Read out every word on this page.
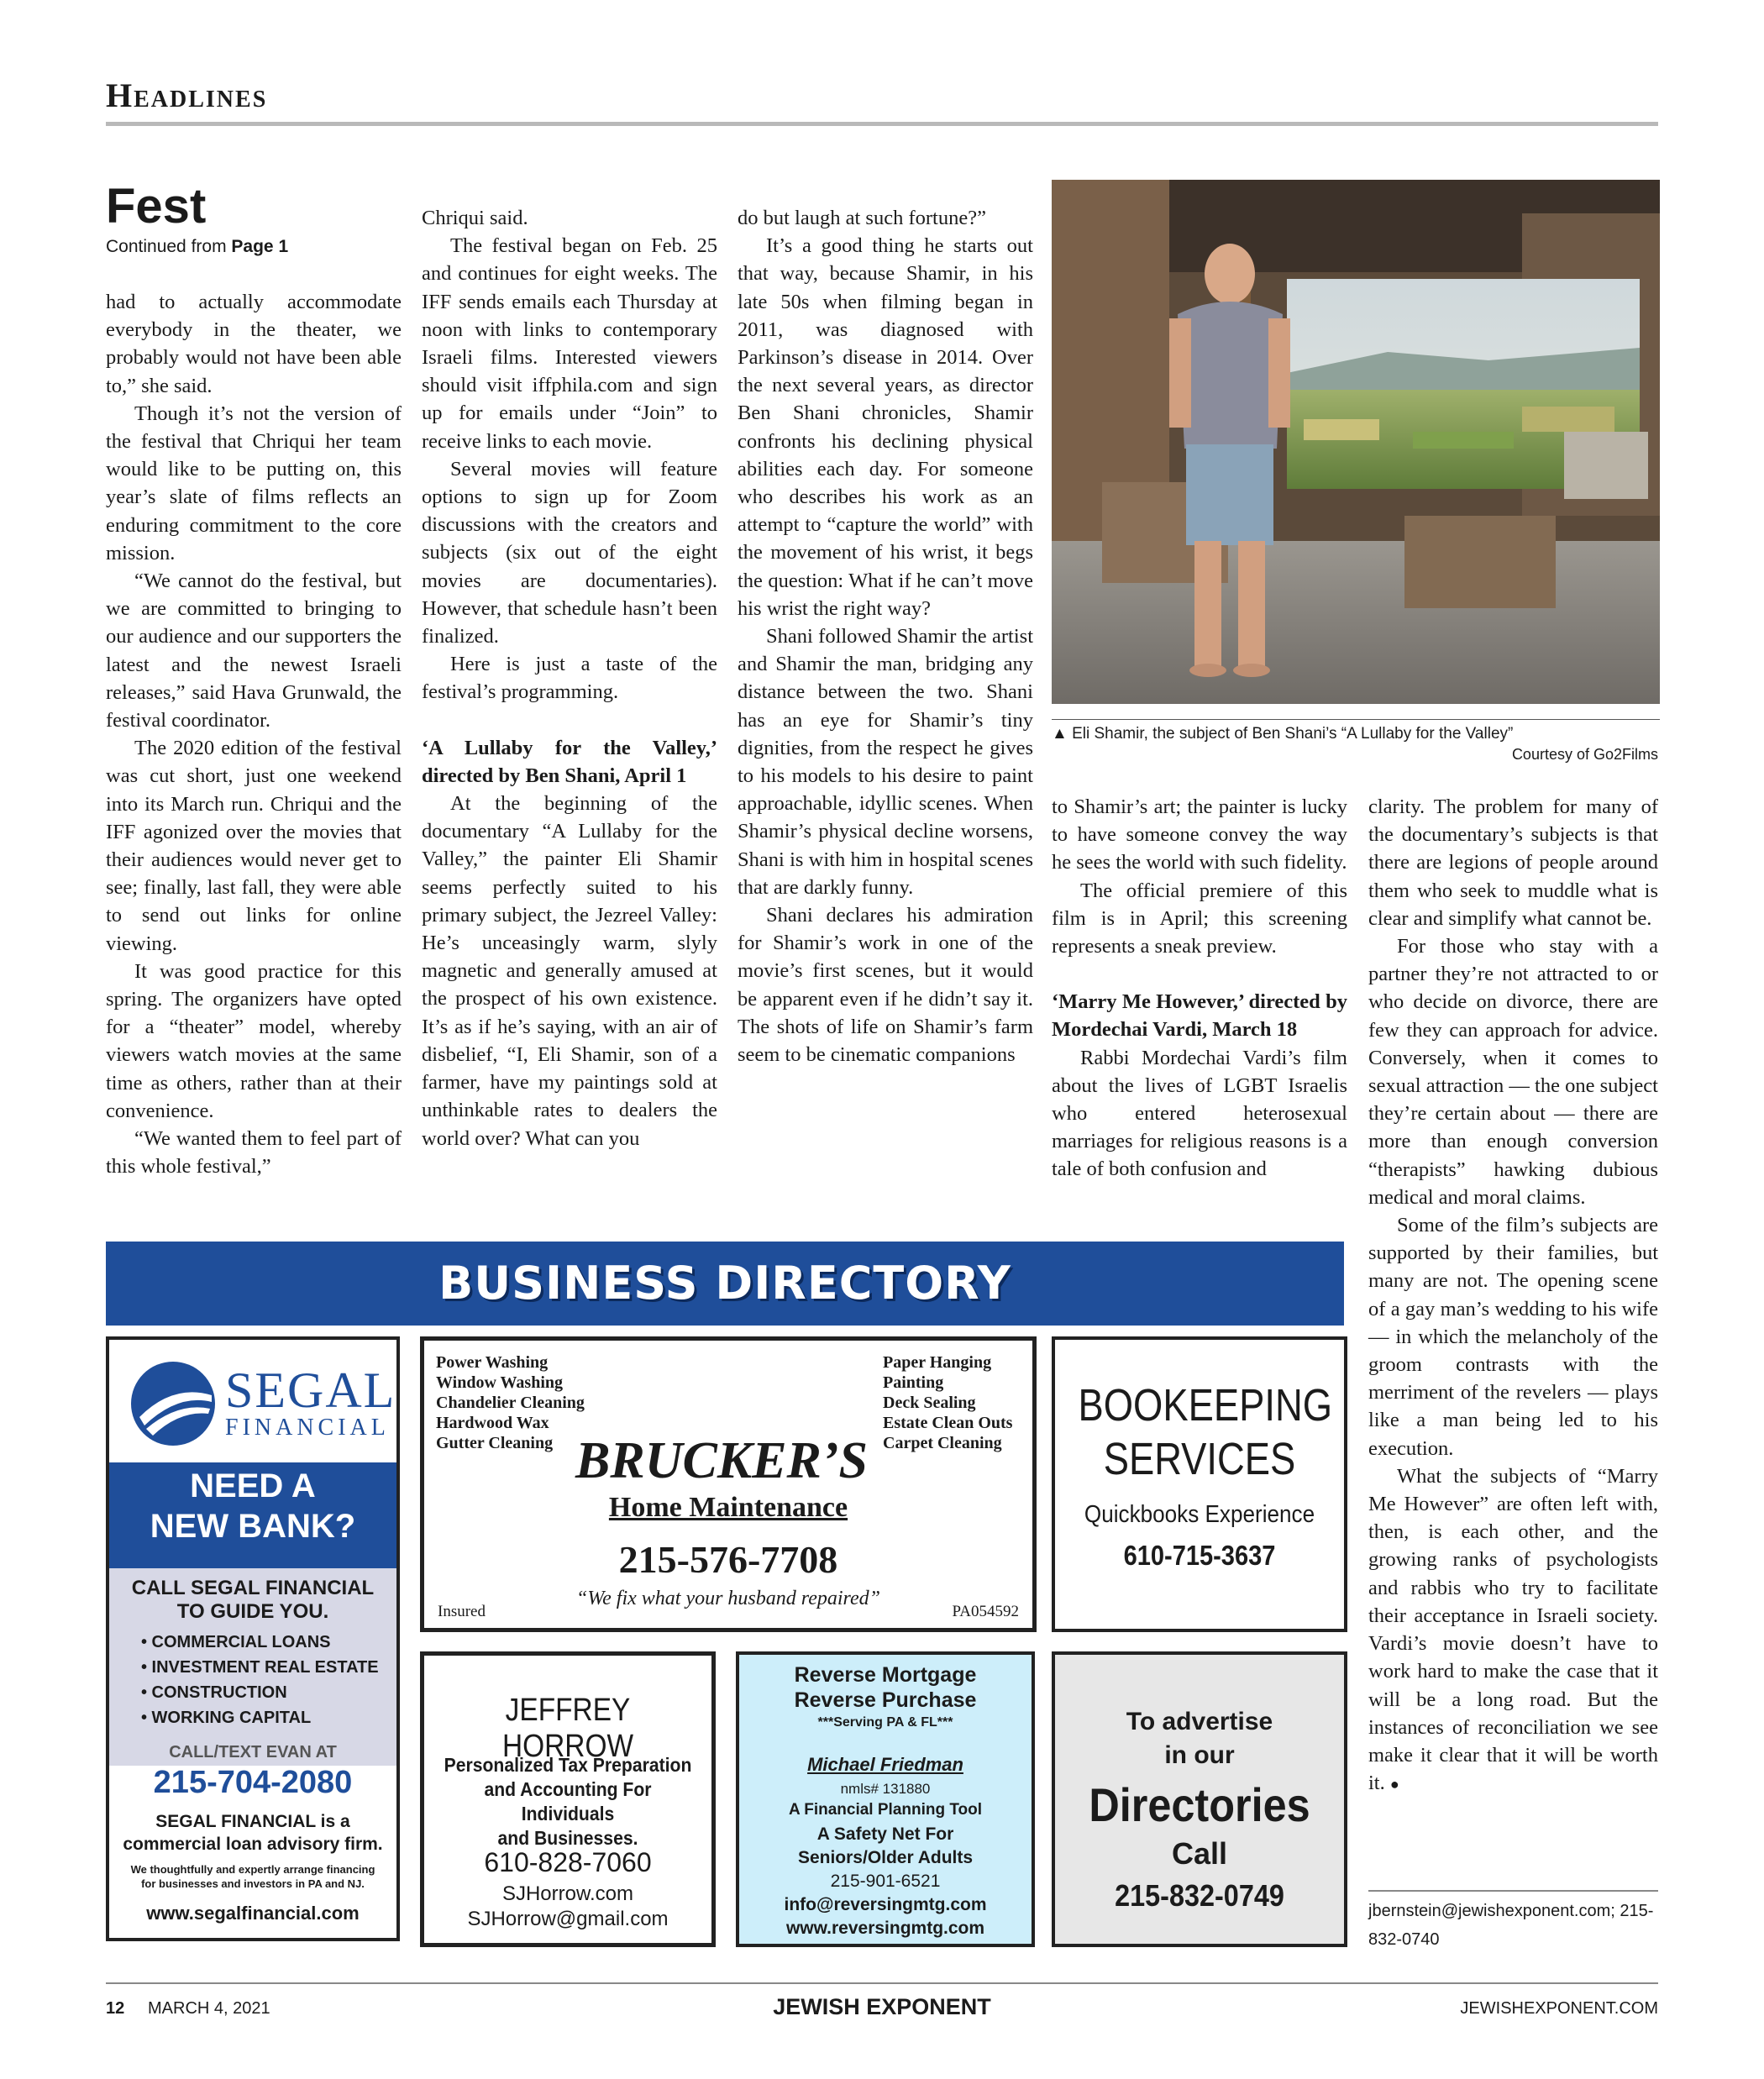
Headlines
Fest
Continued from Page 1

had to actually accommodate everybody in the theater, we probably would not have been able to,” she said.

Though it’s not the version of the festival that Chriqui her team would like to be putting on, this year’s slate of films reflects an enduring commitment to the core mission.

“We cannot do the festival, but we are committed to bringing to our audience and our supporters the latest and the newest Israeli releases,” said Hava Grunwald, the festival coordinator.

The 2020 edition of the festival was cut short, just one weekend into its March run. Chriqui and the IFF agonized over the movies that their audiences would never get to see; finally, last fall, they were able to send out links for online viewing.

It was good practice for this spring. The organizers have opted for a “theater” model, whereby viewers watch movies at the same time as others, rather than at their convenience.

“We wanted them to feel part of this whole festival,”

Chriqui said.

The festival began on Feb. 25 and continues for eight weeks. The IFF sends emails each Thursday at noon with links to contemporary Israeli films. Interested viewers should visit iffphila.com and sign up for emails under “Join” to receive links to each movie.

Several movies will feature options to sign up for Zoom discussions with the creators and subjects (six out of the eight movies are documentaries). However, that schedule hasn’t been finalized.

Here is just a taste of the festival’s programming.

‘A Lullaby for the Valley,’ directed by Ben Shani, April 1

At the beginning of the documentary “A Lullaby for the Valley,” the painter Eli Shamir seems perfectly suited to his primary subject, the Jezreel Valley: He’s unceasingly warm, slyly magnetic and generally amused at the prospect of his own existence. It’s as if he’s saying, with an air of disbelief, “I, Eli Shamir, son of a farmer, have my paintings sold at unthinkable rates to dealers the world over? What can you

do but laugh at such fortune?”

It’s a good thing he starts out that way, because Shamir, in his late 50s when filming began in 2011, was diagnosed with Parkinson’s disease in 2014. Over the next several years, as director Ben Shani chronicles, Shamir confronts his declining physical abilities each day. For someone who describes his work as an attempt to “capture the world” with the movement of his wrist, it begs the question: What if he can’t move his wrist the right way?

Shani followed Shamir the artist and Shamir the man, bridging any distance between the two. Shani has an eye for Shamir’s tiny dignities, from the respect he gives to his models to his desire to paint approachable, idyllic scenes. When Shamir’s physical decline worsens, Shani is with him in hospital scenes that are darkly funny.

Shani declares his admiration for Shamir’s work in one of the movie’s first scenes, but it would be apparent even if he didn’t say it. The shots of life on Shamir’s farm seem to be cinematic companions

▲ Eli Shamir, the subject of Ben Shani’s “A Lullaby for the Valley”
Courtesy of Go2Films

to Shamir’s art; the painter is lucky to have someone convey the way he sees the world with such fidelity.

The official premiere of this film is in April; this screening represents a sneak preview.

‘Marry Me However,’ directed by Mordechai Vardi, March 18

Rabbi Mordechai Vardi’s film about the lives of LGBT Israelis who entered heterosexual marriages for religious reasons is a tale of both confusion and

clarity. The problem for many of the documentary’s subjects is that there are legions of people around them who seek to muddle what is clear and simplify what cannot be.

For those who stay with a partner they’re not attracted to or who decide on divorce, there are few they can approach for advice. Conversely, when it comes to sexual attraction — the one subject they’re certain about — there are more than enough conversion “therapists” hawking dubious medical and moral claims.

Some of the film’s subjects are supported by their families, but many are not. The opening scene of a gay man’s wedding to his wife — in which the melancholy of the groom contrasts with the merriment of the revelers — plays like a man being led to his execution.

What the subjects of “Marry Me However” are often left with, then, is each other, and the growing ranks of psychologists and rabbis who try to facilitate their acceptance in Israeli society. Vardi’s movie doesn’t have to work hard to make the case that it will be a long road. But the instances of reconciliation we see make it clear that it will be worth it. ●

jbernstein@jewishexponent.com; 215-832-0740
BUSINESS DIRECTORY
SEGAL
FINANCIAL
NEED A
NEW BANK?
CALL SEGAL FINANCIAL
TO GUIDE YOU.
• COMMERCIAL LOANS
• INVESTMENT REAL ESTATE
• CONSTRUCTION
• WORKING CAPITAL
CALL/TEXT EVAN AT
215-704-2080
SEGAL FINANCIAL is a
commercial loan advisory firm.
We thoughtfully and expertly arrange financing
for businesses and investors in PA and NJ.
www.segalfinancial.com
Power Washing
Window Washing
Chandelier Cleaning
Hardwood Wax
Gutter Cleaning
Paper Hanging
Painting
Deck Sealing
Estate Clean Outs
Carpet Cleaning
BRUCKER’S
Home Maintenance
215-576-7708
“We fix what your husband repaired”
Insured	PA054592
BOOKEEPING
SERVICES
Quickbooks Experience
610-715-3637
JEFFREY HORROW
Personalized Tax Preparation
and Accounting For Individuals
and Businesses.
610-828-7060
SJHorrow.com
SJHorrow@gmail.com
Reverse Mortgage
Reverse Purchase
***Serving PA & FL***
Michael Friedman
nmls# 131880
A Financial Planning Tool
A Safety Net For
Seniors/Older Adults
215-901-6521
info@reversingmtg.com
www.reversingmtg.com
To advertise
in our
Directories
Call
215-832-0749
12 MARCH 4, 2021	JEWISH EXPONENT	JEWISHEXPONENT.COM
